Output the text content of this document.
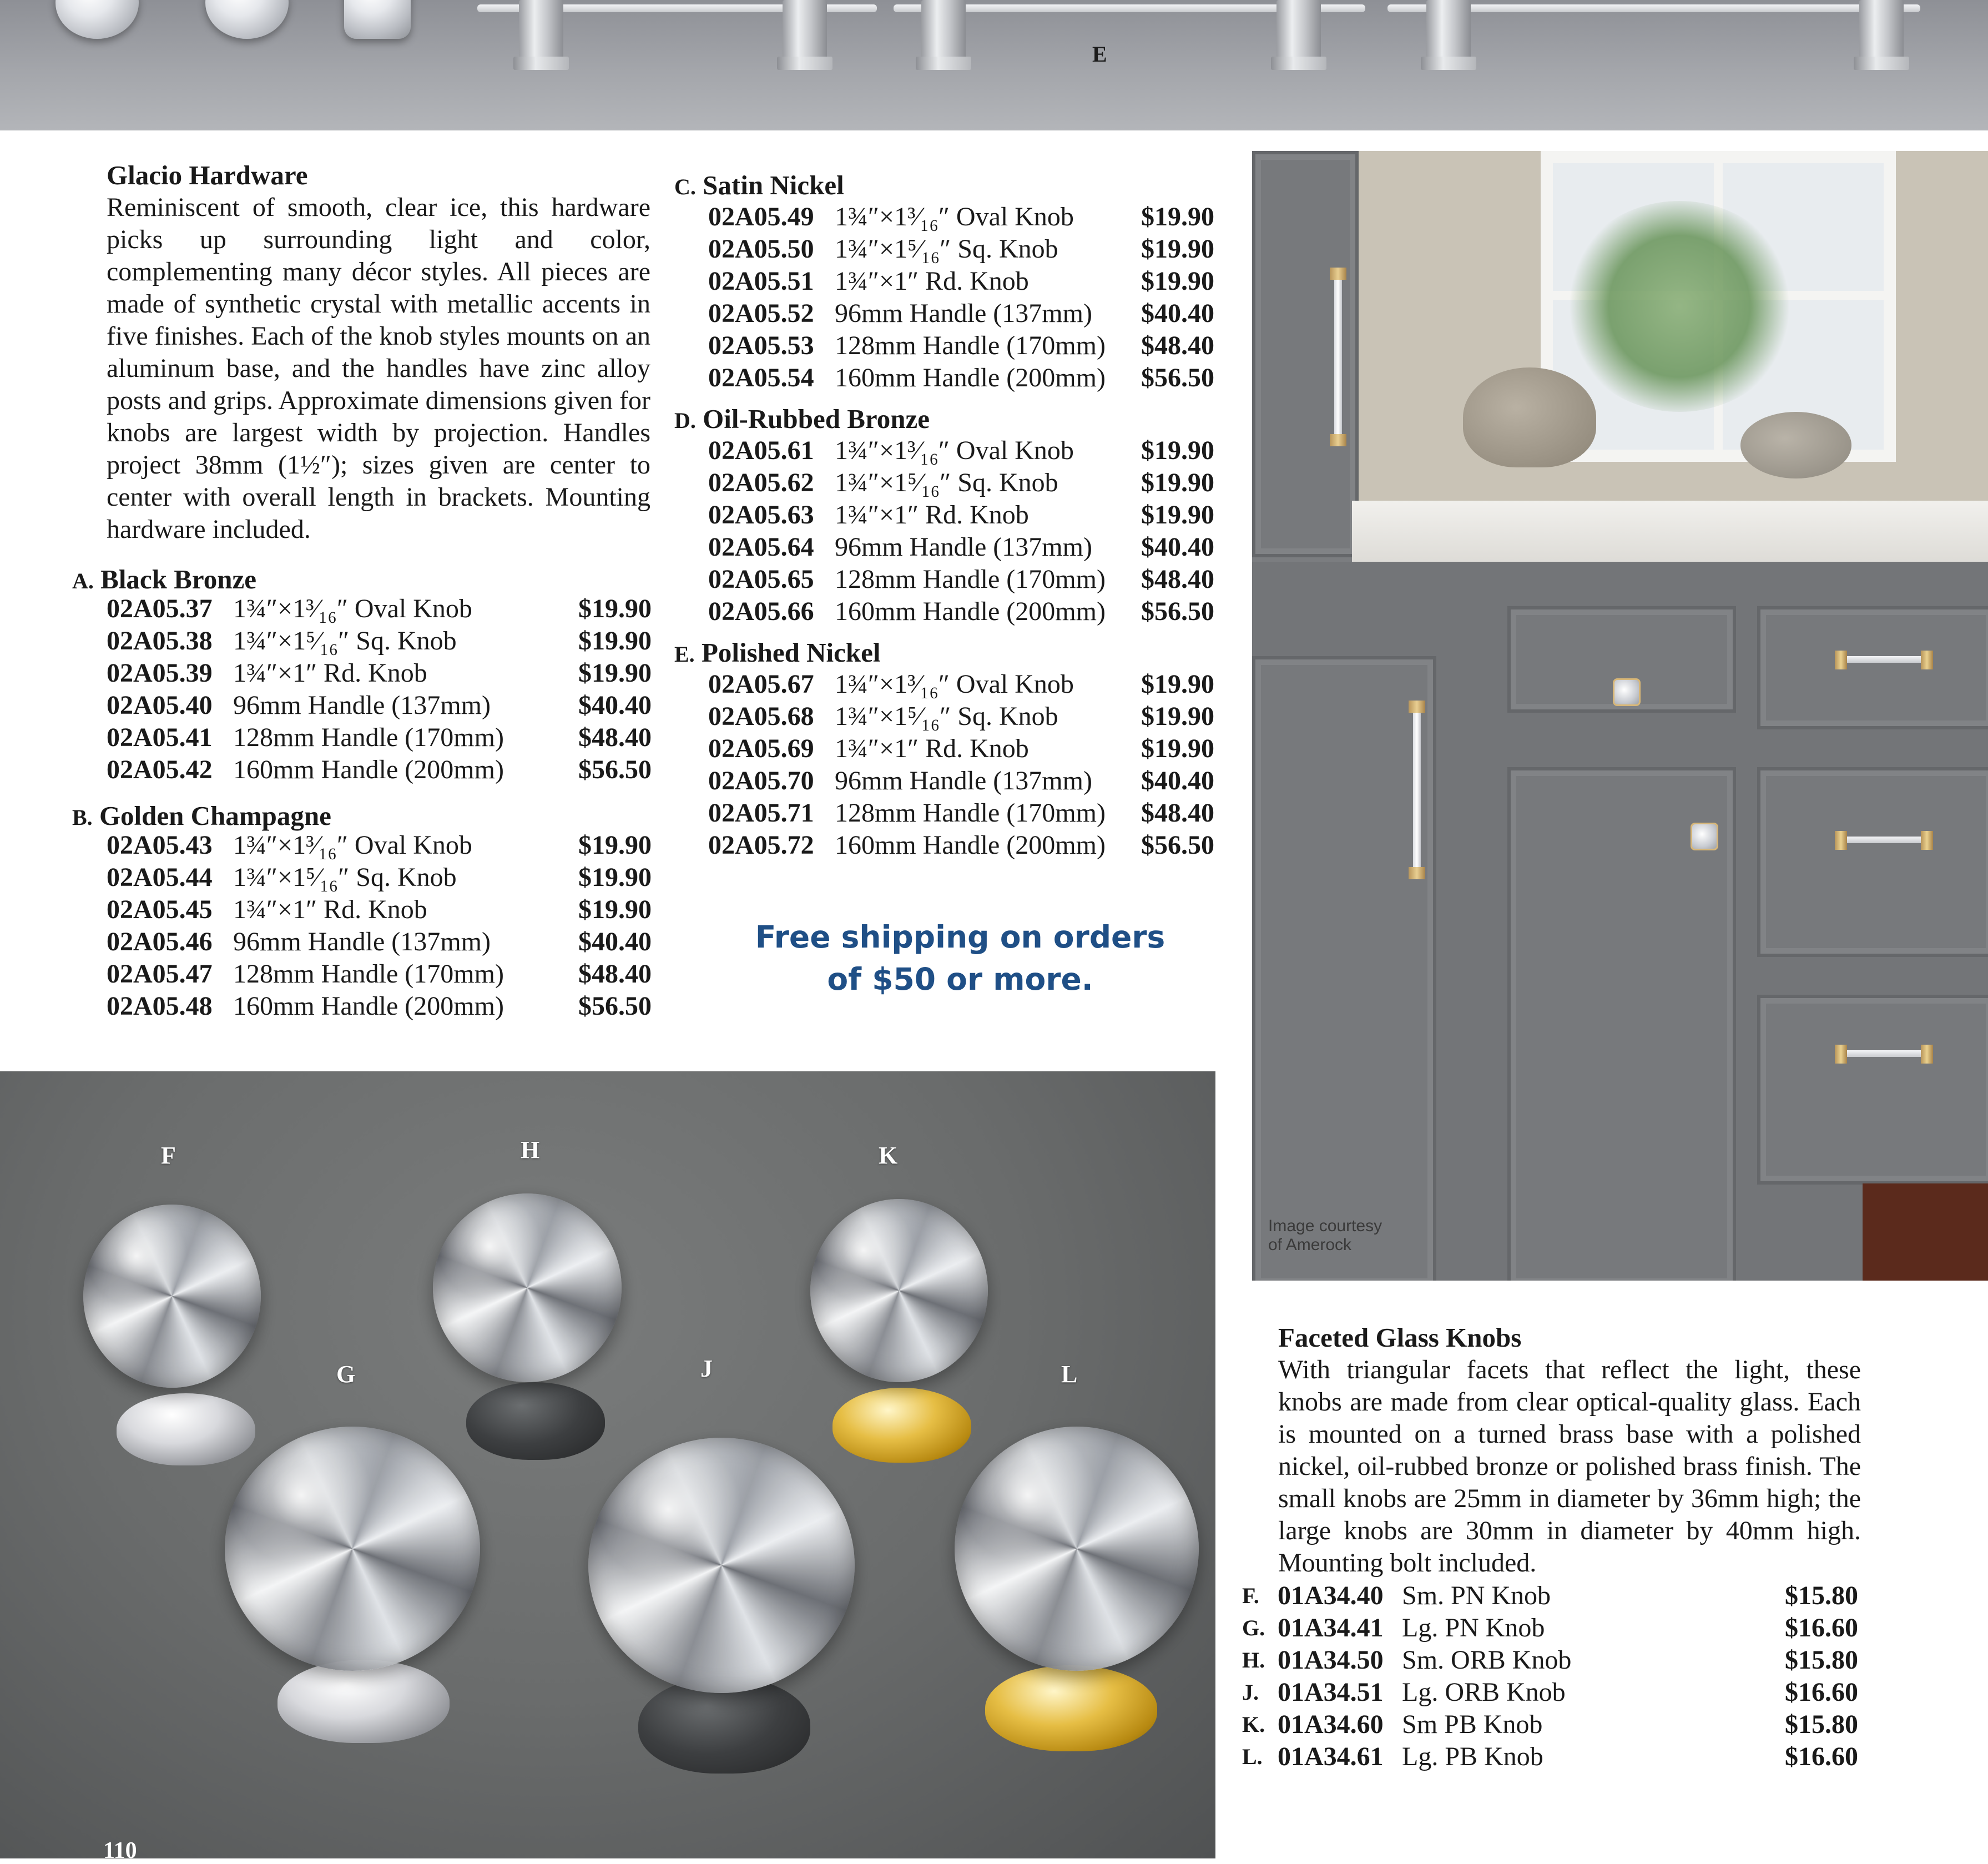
E
Glacio Hardware
Reminiscent of smooth, clear ice, this hardware picks up surrounding light and color, complementing many décor styles. All pieces are made of synthetic crystal with metallic accents in five finishes. Each of the knob styles mounts on an aluminum base, and the handles have zinc alloy posts and grips. Approximate dimensions given for knobs are largest width by projection. Handles project 38mm (1½″); sizes given are center to center with overall length in brackets. Mounting hardware included.
A. Black Bronze
02A05.37 1¾″×1³⁄₁₆″ Oval Knob	$19.90
02A05.38 1¾″×1⁵⁄₁₆″ Sq. Knob	$19.90
02A05.39 1¾″×1″ Rd. Knob	$19.90
02A05.40 96mm Handle (137mm)	$40.40
02A05.41 128mm Handle (170mm)	$48.40
02A05.42 160mm Handle (200mm)	$56.50
B. Golden Champagne
02A05.43 1¾″×1³⁄₁₆″ Oval Knob	$19.90
02A05.44 1¾″×1⁵⁄₁₆″ Sq. Knob	$19.90
02A05.45 1¾″×1″ Rd. Knob	$19.90
02A05.46 96mm Handle (137mm)	$40.40
02A05.47 128mm Handle (170mm)	$48.40
02A05.48 160mm Handle (200mm)	$56.50
C. Satin Nickel
02A05.49 1¾″×1³⁄₁₆″ Oval Knob	$19.90
02A05.50 1¾″×1⁵⁄₁₆″ Sq. Knob	$19.90
02A05.51 1¾″×1″ Rd. Knob	$19.90
02A05.52 96mm Handle (137mm) $40.40
02A05.53 128mm Handle (170mm) $48.40
02A05.54 160mm Handle (200mm) $56.50
D. Oil-Rubbed Bronze
02A05.61 1¾″×1³⁄₁₆″ Oval Knob	$19.90
02A05.62 1¾″×1⁵⁄₁₆″ Sq. Knob	$19.90
02A05.63 1¾″×1″ Rd. Knob	$19.90
02A05.64 96mm Handle (137mm) $40.40
02A05.65 128mm Handle (170mm) $48.40
02A05.66 160mm Handle (200mm) $56.50
E. Polished Nickel
02A05.67 1¾″×1³⁄₁₆″ Oval Knob	$19.90
02A05.68 1¾″×1⁵⁄₁₆″ Sq. Knob	$19.90
02A05.69 1¾″×1″ Rd. Knob	$19.90
02A05.70 96mm Handle (137mm) $40.40
02A05.71 128mm Handle (170mm) $48.40
02A05.72 160mm Handle (200mm) $56.50
Free shipping on orders
of $50 or more.
Image courtesy
of Amerock
Faceted Glass Knobs
With triangular facets that reflect the light, these knobs are made from clear optical-quality glass. Each is mounted on a turned brass base with a polished nickel, oil-rubbed bronze or polished brass finish. The small knobs are 25mm in diameter by 36mm high; the large knobs are 30mm in diameter by 40mm high. Mounting bolt included.
F. 01A34.40 Sm. PN Knob	$15.80
G. 01A34.41 Lg. PN Knob	$16.60
H. 01A34.50 Sm. ORB Knob	$15.80
J. 01A34.51 Lg. ORB Knob	$16.60
K. 01A34.60 Sm PB Knob	$15.80
L. 01A34.61 Lg. PB Knob	$16.60
F	H	K
G	J	L
110
